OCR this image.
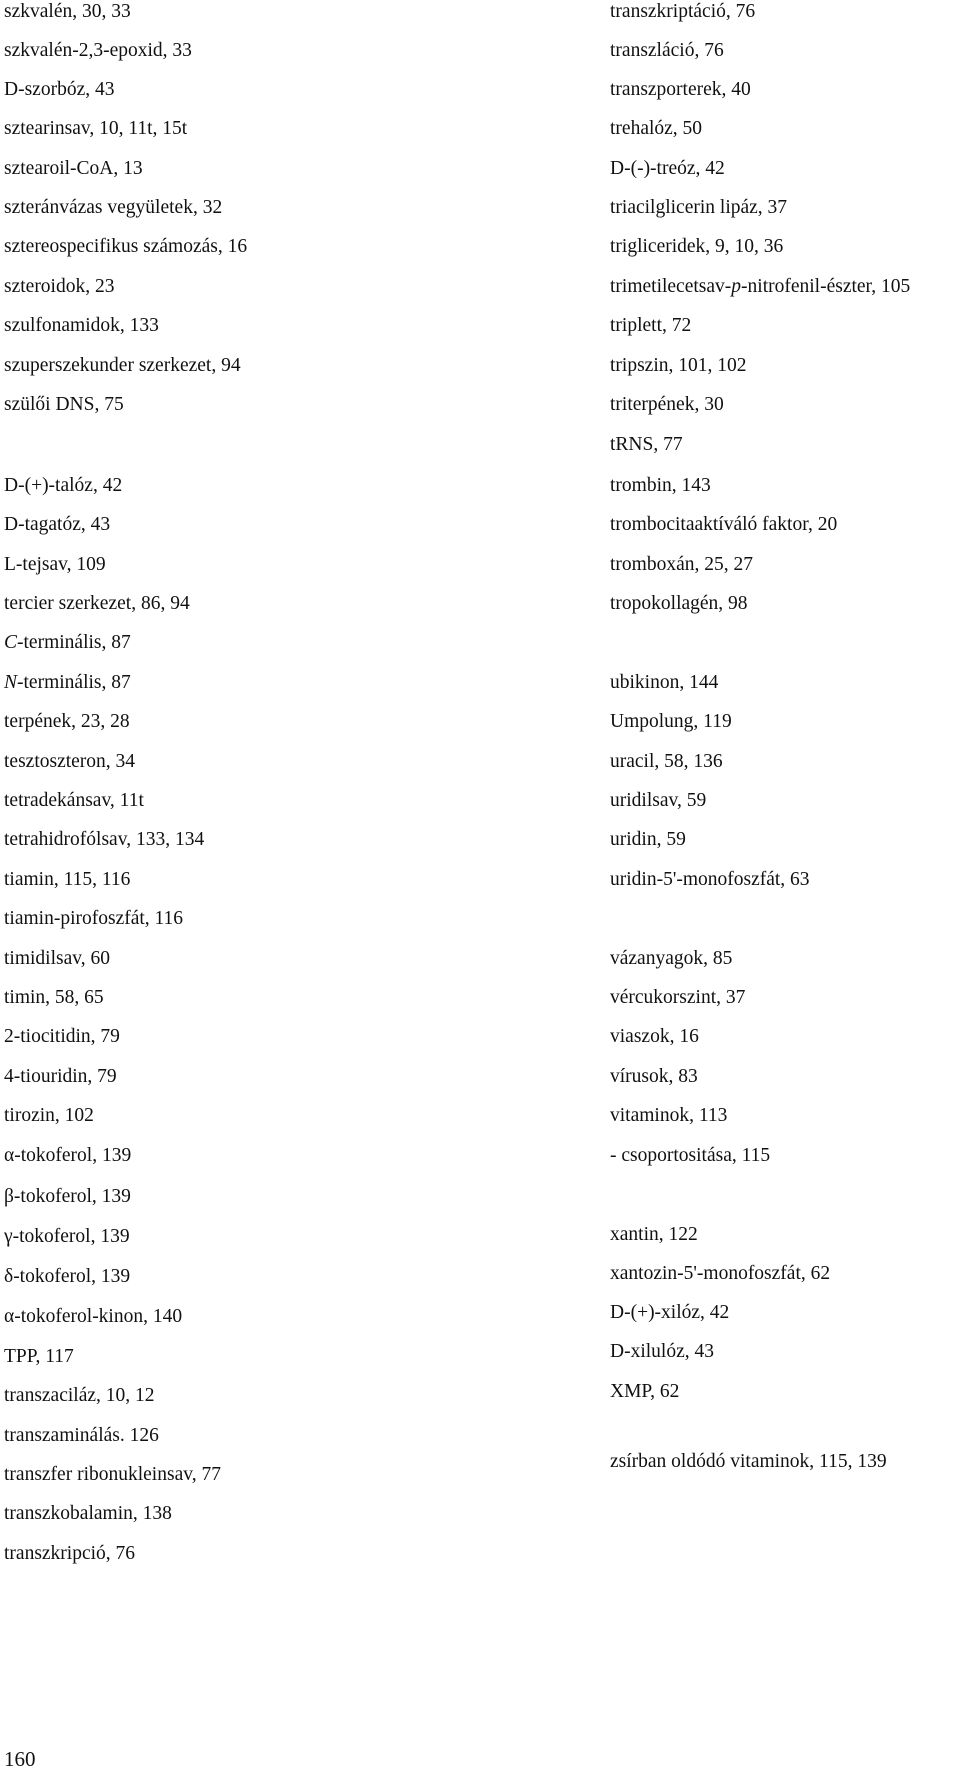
szkvalén, 30, 33
szkvalén-2,3-epoxid, 33
D-szorbóz, 43
sztearinsav, 10, 11t, 15t
sztearoil-CoA, 13
szteránvázas vegyületek, 32
sztereospecifikus számozás, 16
szteroidok, 23
szulfonamidok, 133
szuperszekunder szerkezet, 94
szülői DNS, 75
D-(+)-talóz, 42
D-tagatóz, 43
L-tejsav, 109
tercier szerkezet, 86, 94
C-terminális, 87
N-terminális, 87
terpének, 23, 28
tesztoszteron, 34
tetradekánsav, 11t
tetrahidrofólsav, 133, 134
tiamin, 115, 116
tiamin-pirofoszfát, 116
timidilsav, 60
timin, 58, 65
2-tiocitidin, 79
4-tiouridin, 79
tirozin, 102
α-tokoferol, 139
β-tokoferol, 139
γ-tokoferol, 139
δ-tokoferol, 139
α-tokoferol-kinon, 140
TPP, 117
transzaciláz, 10, 12
transzaminálás. 126
transzfer ribonukleinsav, 77
transzkobalamin, 138
transzkripció, 76
transzkriptáció, 76
transzláció, 76
transzporterek, 40
trehalóz, 50
D-(-)-treóz, 42
triacilglicerin lipáz, 37
trigliceridek, 9, 10, 36
trimetilecetsav-p-nitrofenil-észter, 105
triplett, 72
tripszin, 101, 102
triterpének, 30
tRNS, 77
trombin, 143
trombocitaaktíváló faktor, 20
tromboxán, 25, 27
tropokollagén, 98
ubikinon, 144
Umpolung, 119
uracil, 58, 136
uridilsav, 59
uridin, 59
uridin-5'-monofoszfát, 63
vázanyagok, 85
vércukorszint, 37
viaszok, 16
vírusok, 83
vitaminok, 113
- csoportositása, 115
xantin, 122
xantozin-5'-monofoszfát, 62
D-(+)-xilóz, 42
D-xilulóz, 43
XMP, 62
zsírban oldódó vitaminok, 115, 139
160
